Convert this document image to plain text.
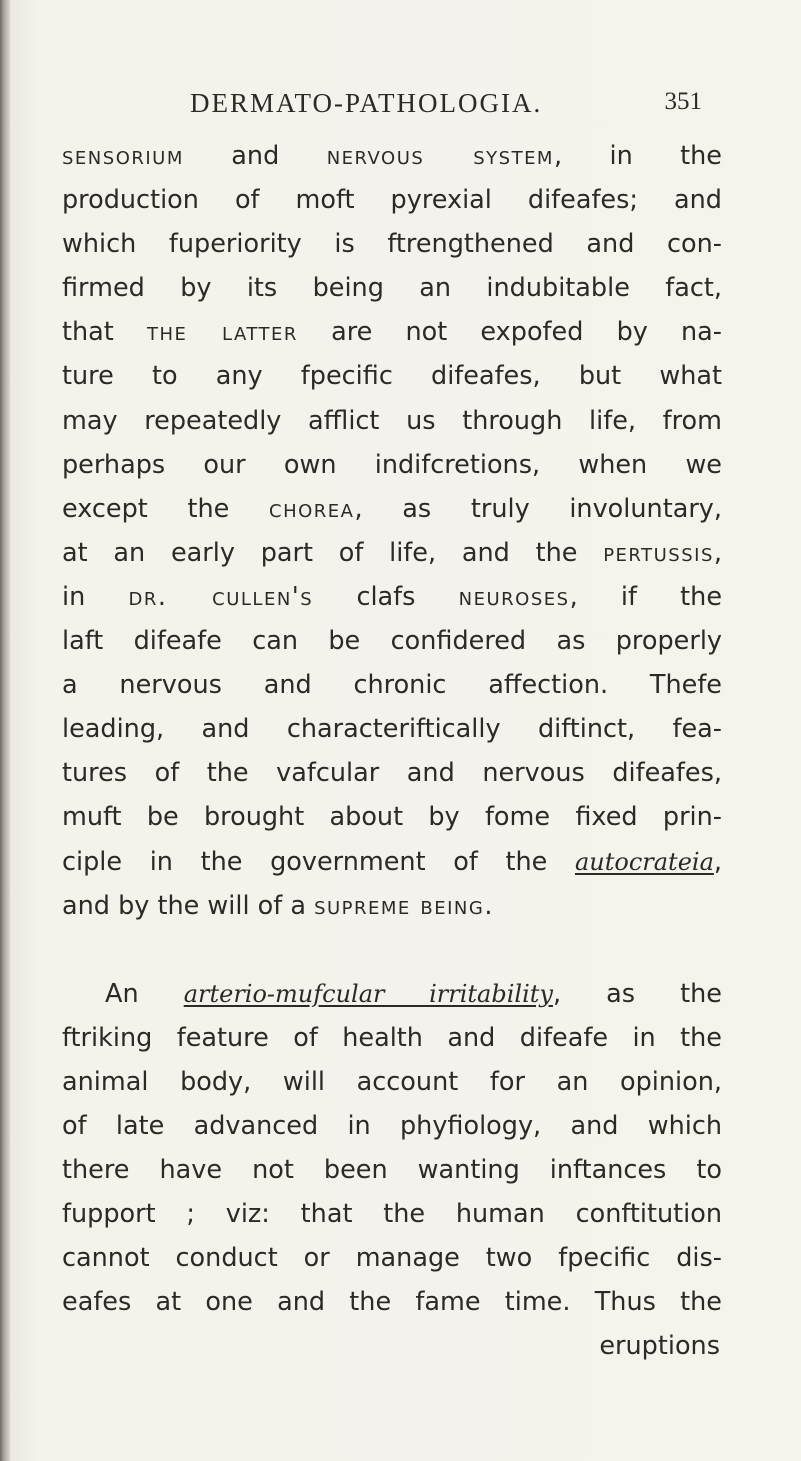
DERMATO-PATHOLOGIA.	351
sensorium and nervous system, in the
production of moft pyrexial difeafes; and
which fuperiority is ftrengthened and con-
firmed by its being an indubitable fact,
that the latter are not expofed by na-
ture to any fpecific difeafes, but what
may repeatedly afflict us through life, from
perhaps our own indifcretions, when we
except the chorea, as truly involuntary,
at an early part of life, and the pertussis,
in dr. cullen's clafs neuroses, if the
laft difeafe can be confidered as properly
a nervous and chronic affection. Thefe
leading, and characteriftically diftinct, fea-
tures of the vafcular and nervous difeafes,
muft be brought about by fome fixed prin-
ciple in the government of the autocrateia,
and by the will of a supreme being.
An arterio-mufcular irritability, as the
ftriking feature of health and difeafe in the
animal body, will account for an opinion,
of late advanced in phyfiology, and which
there have not been wanting inftances to
fupport ; viz: that the human conftitution
cannot conduct or manage two fpecific dis-
eafes at one and the fame time. Thus the
eruptions
